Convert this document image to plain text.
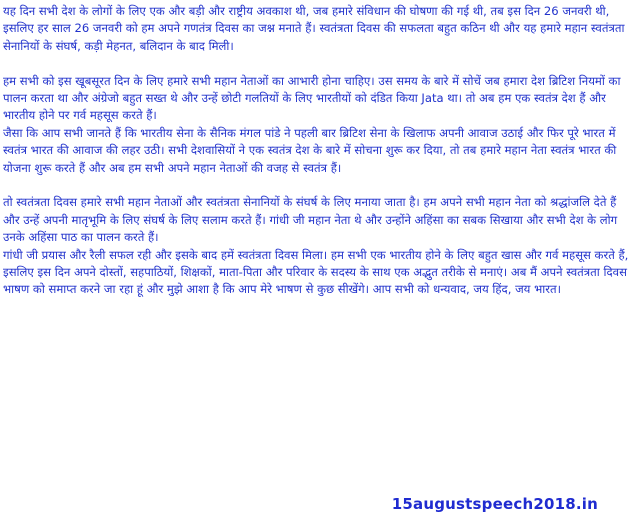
यह दिन सभी देश के लोगों के लिए एक और बड़ी और राष्ट्रीय अवकाश थी, जब हमारे संविधान की घोषणा की गई थी, तब इस दिन 26 जनवरी थी, इसलिए हर साल 26 जनवरी को हम अपने गणतंत्र दिवस का जश्न मनाते हैं। स्वतंत्रता दिवस की सफलता बहुत कठिन थी और यह हमारे महान स्वतंत्रता सेनानियों के संघर्ष, कड़ी मेहनत, बलिदान के बाद मिली।

हम सभी को इस खूबसूरत दिन के लिए हमारे सभी महान नेताओं का आभारी होना चाहिए। उस समय के बारे में सोचें जब हमारा देश ब्रिटिश नियमों का पालन करता था और अंग्रेजो बहुत सख्त थे और उन्हें छोटी गलतियों के लिए भारतीयों को दंडित किया Jata था। तो अब हम एक स्वतंत्र देश हैं और भारतीय होने पर गर्व महसूस करते हैं।

जैसा कि आप सभी जानते हैं कि भारतीय सेना के सैनिक मंगल पांडे ने पहली बार ब्रिटिश सेना के खिलाफ अपनी आवाज उठाई और फिर पूरे भारत में स्वतंत्र भारत की आवाज की लहर उठी। सभी देशवासियों ने एक स्वतंत्र देश के बारे में सोचना शुरू कर दिया, तो तब हमारे महान नेता स्वतंत्र भारत की योजना शुरू करते हैं और अब हम सभी अपने महान नेताओं की वजह से स्वतंत्र हैं।

तो स्वतंत्रता दिवस हमारे सभी महान नेताओं और स्वतंत्रता सेनानियों के संघर्ष के लिए मनाया जाता है। हम अपने सभी महान नेता को श्रद्धांजलि देते हैं और उन्हें अपनी मातृभूमि के लिए संघर्ष के लिए सलाम करते हैं। गांधी जी महान नेता थे और उन्होंने अहिंसा का सबक सिखाया और सभी देश के लोग उनके अहिंसा पाठ का पालन करते हैं।

गांधी जी प्रयास और रैली सफल रही और इसके बाद हमें स्वतंत्रता दिवस मिला। हम सभी एक भारतीय होने के लिए बहुत खास और गर्व महसूस करते हैं, इसलिए इस दिन अपने दोस्तों, सहपाठियों, शिक्षकों, माता-पिता और परिवार के सदस्य के साथ एक अद्भुत तरीके से मनाएं। अब मैं अपने स्वतंत्रता दिवस भाषण को समाप्त करने जा रहा हूं और मुझे आशा है कि आप मेरे भाषण से कुछ सीखेंगे। आप सभी को धन्यवाद, जय हिंद, जय भारत।

15augustspeech2018.in
